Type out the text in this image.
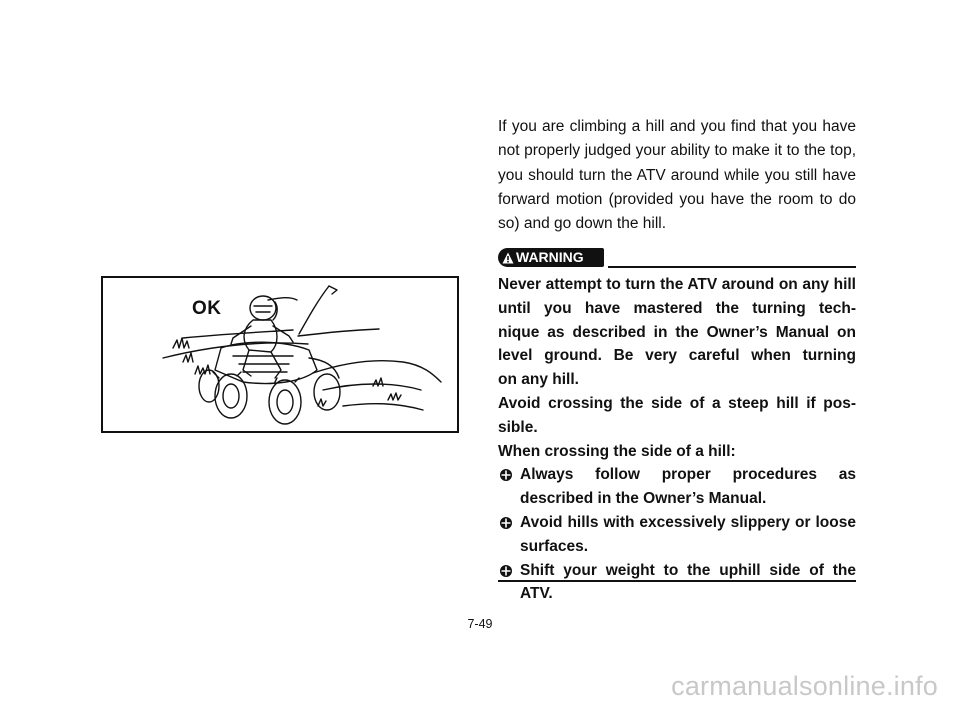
OK
If you are climbing a hill and you find that you have not properly judged your ability to make it to the top, you should turn the ATV around while you still have forward motion (provided you have the room to do so) and go down the hill.
WARNING

Never attempt to turn the ATV around on any hill until you have mastered the turning tech-

nique as described in the Owner’s Manual on level ground. Be very careful when turning

on any hill.

Avoid crossing the side of a steep hill if pos-

sible.

When crossing the side of a hill:

Always follow proper procedures as described in the Owner’s Manual.
Avoid hills with excessively slippery or loose surfaces.
Shift your weight to the uphill side of the ATV.
7-49
carmanualsonline.info
